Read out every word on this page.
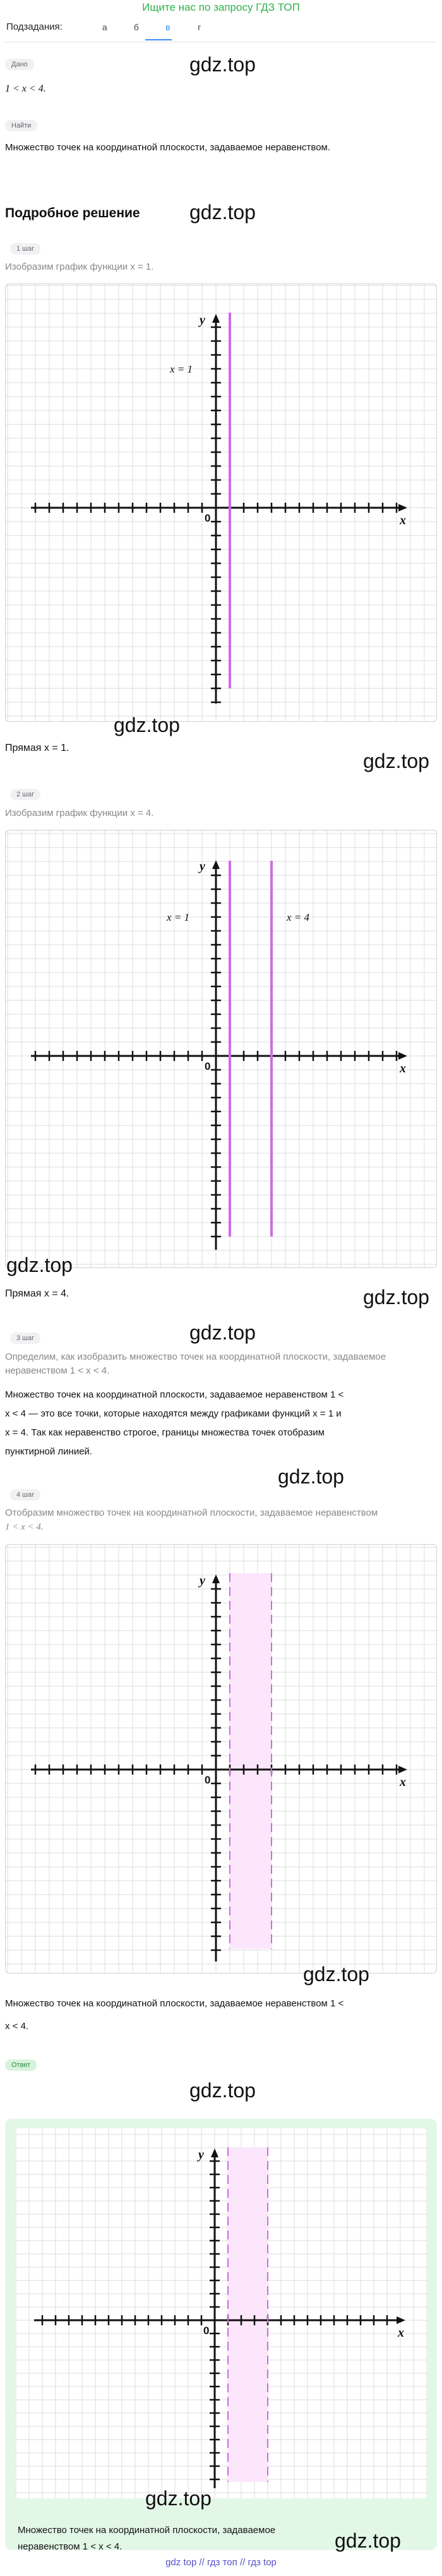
Ищите нас по запросу ГДЗ ТОП
Подзадания:	а	б	в	г
Дано	gdz.top
1 < x < 4.
Найти
Множество точек на координатной плоскости, задаваемое неравенством.
Подробное решение gdz.top
1 шаг
Изобразим график функции x = 1.
x
y
0
x = 1
gdz.top
Прямая x = 1.
gdz.top
2 шаг
Изобразим график функции x = 4.
x
y
0
x = 1	x = 4
gdz.top
Прямая x = 4.	gdz.top
gdz.top
3 шаг
Определим, как изобразить множество точек на координатной плоскости, задаваемое неравенством 1 < x < 4.
Множество точек на координатной плоскости, задаваемое неравенством 1 <
x < 4 — это все точки, которые находятся между графиками функций x = 1 и
x = 4. Так как неравенство строгое, границы множества точек отобразим
пунктирной линией.
gdz.top
4 шаг
Отобразим множество точек на координатной плоскости, задаваемое неравенством
1 < x < 4.
x
y
0
gdz.top
Множество точек на координатной плоскости, задаваемое неравенством 1 <
x < 4.
Ответ
gdz.top
x
y
0
gdz.top
gdz.top
Множество точек на координатной плоскости, задаваемое
неравенством 1 < x < 4.
gdz top // гдз топ // гдз top
